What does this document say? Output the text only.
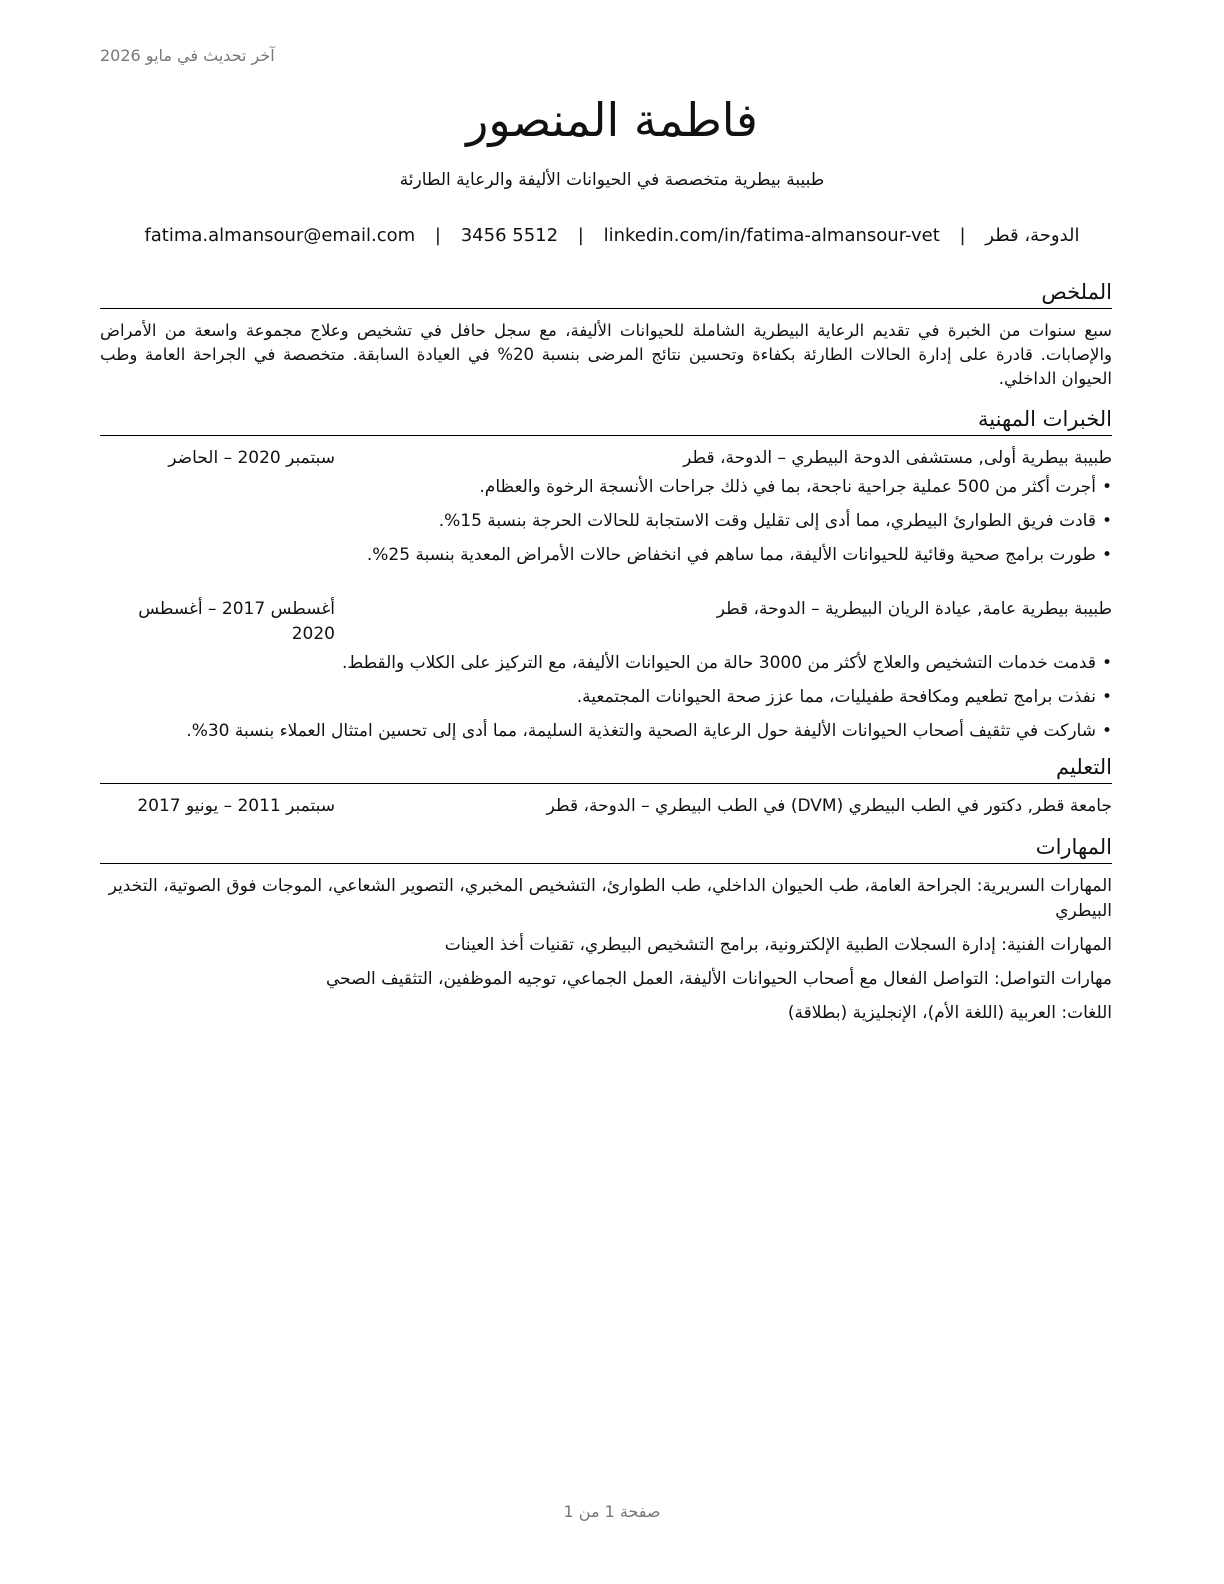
آخر تحديث في مايو 2026
فاطمة المنصور
طبيبة بيطرية متخصصة في الحيوانات الأليفة والرعاية الطارئة
الدوحة، قطر | fatima.almansour@email.com | 3456 5512 | linkedin.com/in/fatima-almansour-vet
الملخص

سبع سنوات من الخبرة في تقديم الرعاية البيطرية الشاملة للحيوانات الأليفة، مع سجل حافل في تشخيص وعلاج مجموعة واسعة من الأمراض والإصابات. قادرة على إدارة الحالات الطارئة بكفاءة وتحسين نتائج المرضى بنسبة 20% في العيادة السابقة. متخصصة في الجراحة العامة وطب الحيوان الداخلي.

الخبرات المهنية
طبيبة بيطرية أولى, مستشفى الدوحة البيطري – الدوحة، قطر
سبتمبر 2020 – الحاضر
•أجرت أكثر من 500 عملية جراحية ناجحة، بما في ذلك جراحات الأنسجة الرخوة والعظام.
•قادت فريق الطوارئ البيطري، مما أدى إلى تقليل وقت الاستجابة للحالات الحرجة بنسبة 15%.
•طورت برامج صحية وقائية للحيوانات الأليفة، مما ساهم في انخفاض حالات الأمراض المعدية بنسبة 25%.
طبيبة بيطرية عامة, عيادة الريان البيطرية – الدوحة، قطر
أغسطس 2017 – أغسطس 2020
•قدمت خدمات التشخيص والعلاج لأكثر من 3000 حالة من الحيوانات الأليفة، مع التركيز على الكلاب والقطط.
•نفذت برامج تطعيم ومكافحة طفيليات، مما عزز صحة الحيوانات المجتمعية.
•شاركت في تثقيف أصحاب الحيوانات الأليفة حول الرعاية الصحية والتغذية السليمة، مما أدى إلى تحسين امتثال العملاء بنسبة 30%.
التعليم
جامعة قطر, دكتور في الطب البيطري (DVM) في الطب البيطري – الدوحة، قطر
سبتمبر 2011 – يونيو 2017
المهارات

المهارات السريرية: الجراحة العامة، طب الحيوان الداخلي، طب الطوارئ، التشخيص المخبري، التصوير الشعاعي، الموجات فوق الصوتية، التخدير البيطري

المهارات الفنية: إدارة السجلات الطبية الإلكترونية، برامج التشخيص البيطري، تقنيات أخذ العينات

مهارات التواصل: التواصل الفعال مع أصحاب الحيوانات الأليفة، العمل الجماعي، توجيه الموظفين، التثقيف الصحي

اللغات: العربية (اللغة الأم)، الإنجليزية (بطلاقة)

صفحة 1 من 1
